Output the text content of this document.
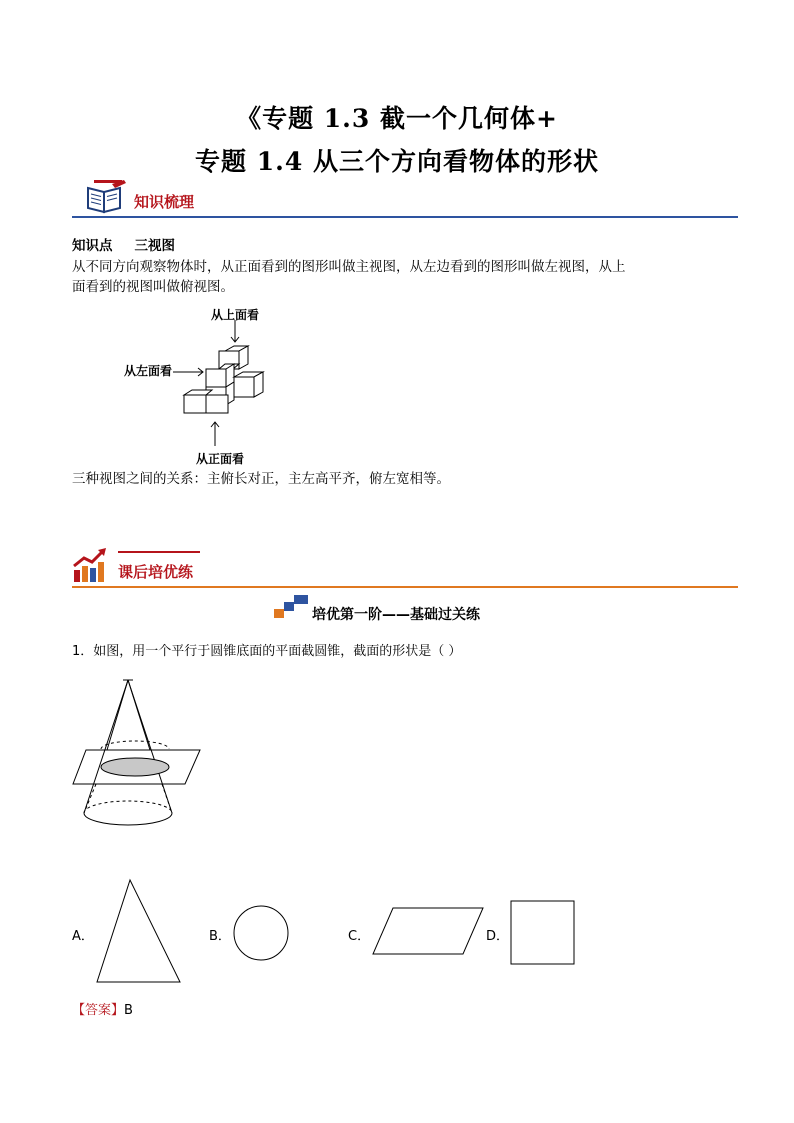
《专题 1.3 截一个几何体+
专题 1.4 从三个方向看物体的形状
知识梳理
知识点 三视图
从不同方向观察物体时，从正面看到的图形叫做主视图，从左边看到的图形叫做左视图，从上
面看到的视图叫做俯视图。
从上面看
从左面看
从正面看
三种视图之间的关系：主俯长对正，主左高平齐，俯左宽相等。
课后培优练
培优第一阶——基础过关练
1．如图，用一个平行于圆锥底面的平面截圆锥，截面的形状是（ ）
A．	B．	C．	D．
【答案】B
